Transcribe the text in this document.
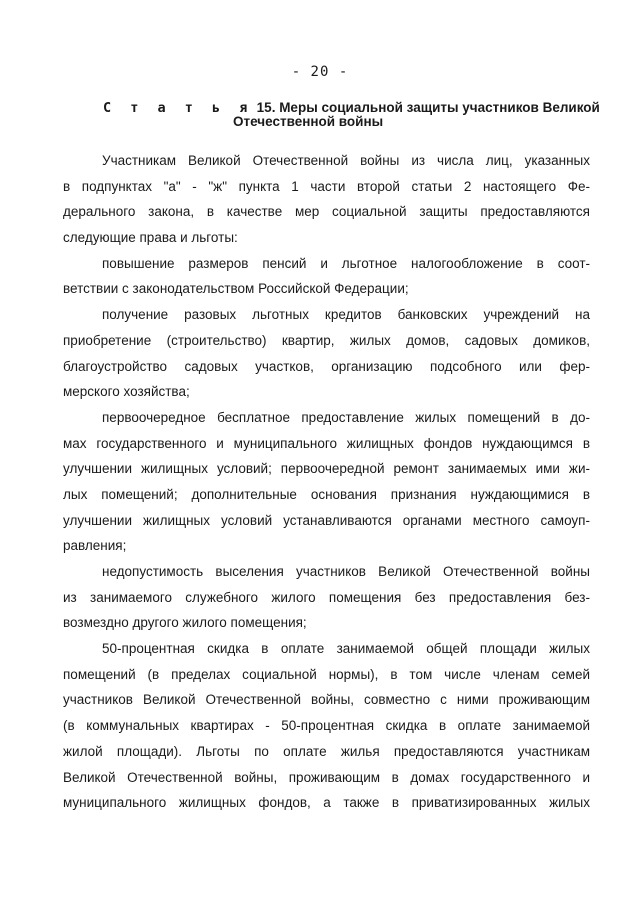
- 20 -
С т а т ь я 15. Меры социальной защиты участников Великой
Отечественной войны
Участникам Великой Отечественной войны из числа лиц, указанных
в подпунктах "а" - "ж" пункта 1 части второй статьи 2 настоящего Фе-
дерального закона, в качестве мер социальной защиты предоставляются
следующие права и льготы:
повышение размеров пенсий и льготное налогообложение в соот-
ветствии с законодательством Российской Федерации;
получение разовых льготных кредитов банковских учреждений на
приобретение (строительство) квартир, жилых домов, садовых домиков,
благоустройство садовых участков, организацию подсобного или фер-
мерского хозяйства;
первоочередное бесплатное предоставление жилых помещений в до-
мах государственного и муниципального жилищных фондов нуждающимся в
улучшении жилищных условий; первоочередной ремонт занимаемых ими жи-
лых помещений; дополнительные основания признания нуждающимися в
улучшении жилищных условий устанавливаются органами местного самоуп-
равления;
недопустимость выселения участников Великой Отечественной войны
из занимаемого служебного жилого помещения без предоставления без-
возмездно другого жилого помещения;
50-процентная скидка в оплате занимаемой общей площади жилых
помещений (в пределах социальной нормы), в том числе членам семей
участников Великой Отечественной войны, совместно с ними проживающим
(в коммунальных квартирах - 50-процентная скидка в оплате занимаемой
жилой площади). Льготы по оплате жилья предоставляются участникам
Великой Отечественной войны, проживающим в домах государственного и
муниципального жилищных фондов, а также в приватизированных жилых
